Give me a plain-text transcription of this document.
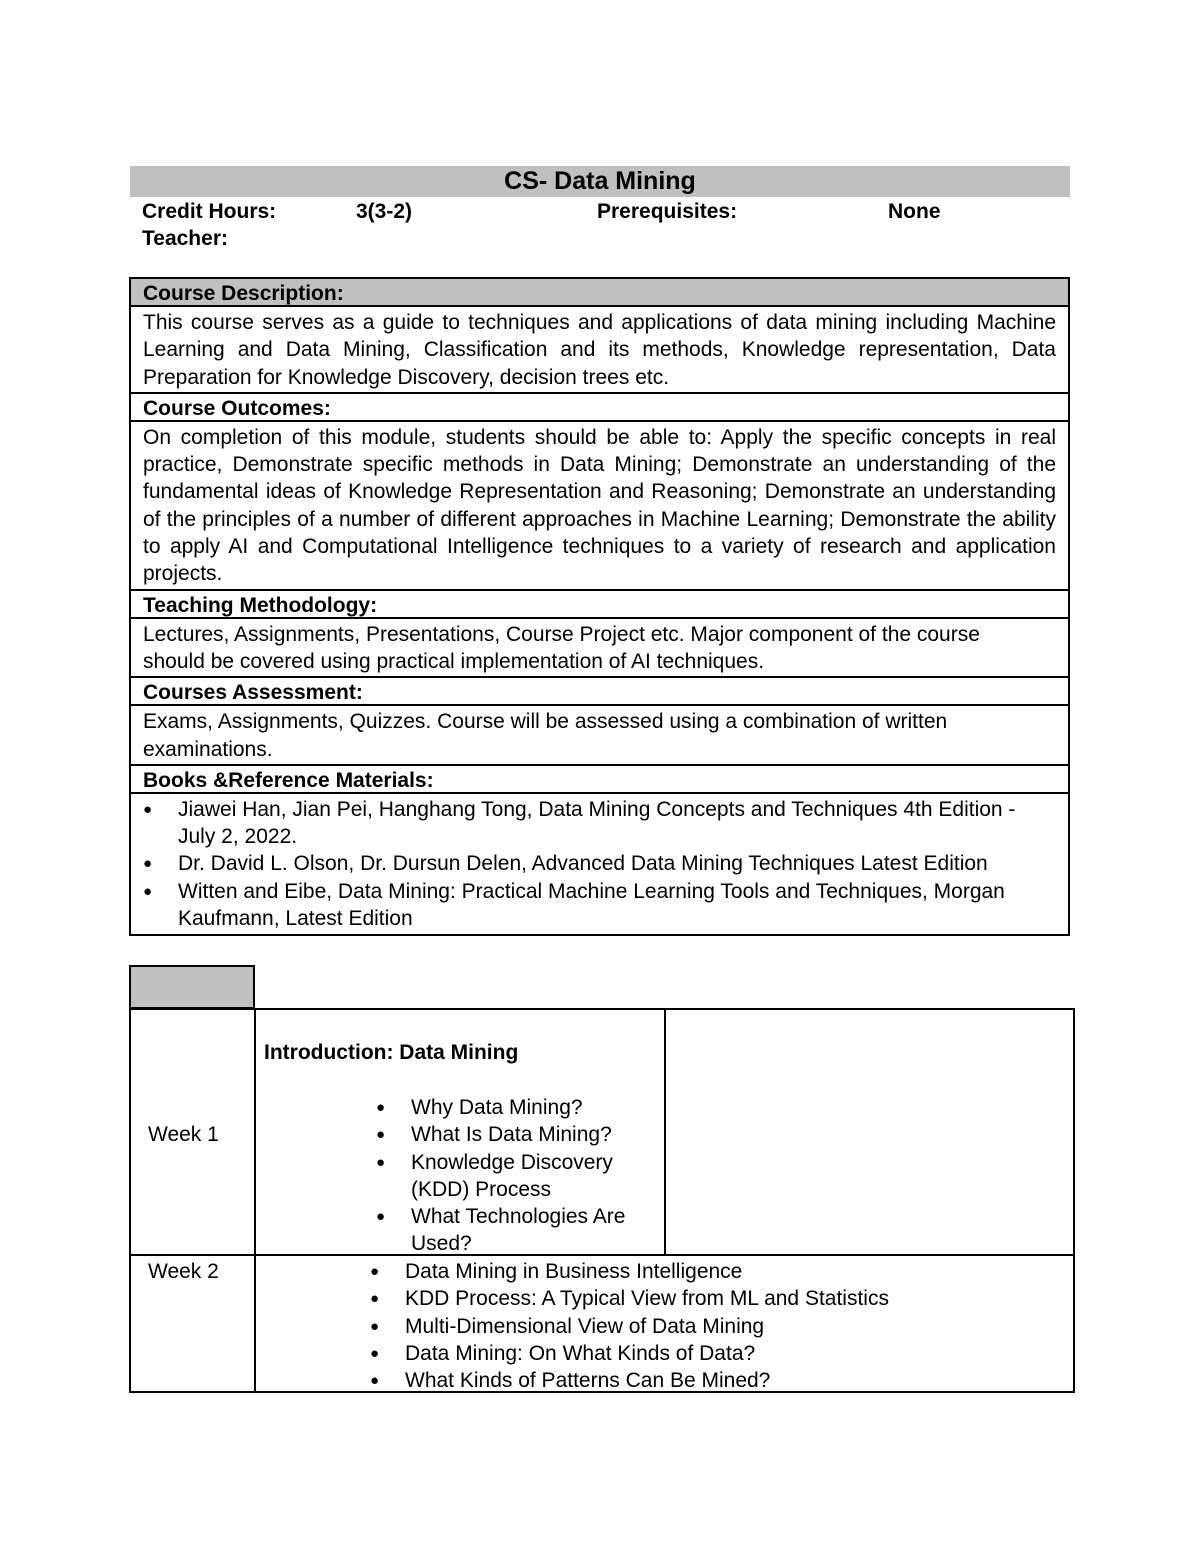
CS- Data Mining
Credit Hours:	3(3-2)	Prerequisites:	None
Teacher:
Course Description:
This course serves as a guide to techniques and applications of data mining including Machine Learning and Data Mining, Classification and its methods, Knowledge representation, Data Preparation for Knowledge Discovery, decision trees etc.
Course Outcomes:
On completion of this module, students should be able to: Apply the specific concepts in real practice, Demonstrate specific methods in Data Mining; Demonstrate an understanding of the fundamental ideas of Knowledge Representation and Reasoning; Demonstrate an understanding of the principles of a number of different approaches in Machine Learning; Demonstrate the ability to apply AI and Computational Intelligence techniques to a variety of research and application projects.
Teaching Methodology:
Lectures, Assignments, Presentations, Course Project etc. Major component of the course should be covered using practical implementation of AI techniques.
Courses Assessment:
Exams, Assignments, Quizzes. Course will be assessed using a combination of written examinations.
Books &Reference Materials:
● Jiawei Han, Jian Pei, Hanghang Tong, Data Mining Concepts and Techniques 4th Edition - July 2, 2022.
● Dr. David L. Olson, Dr. Dursun Delen, Advanced Data Mining Techniques Latest Edition
● Witten and Eibe, Data Mining: Practical Machine Learning Tools and Techniques, Morgan Kaufmann, Latest Edition
Week 1
Introduction: Data Mining
● Why Data Mining?
● What Is Data Mining?
● Knowledge Discovery (KDD) Process
● What Technologies Are Used?
Week 2
●	Data Mining in Business Intelligence
● KDD Process: A Typical View from ML and Statistics
● Multi-Dimensional View of Data Mining
● Data Mining: On What Kinds of Data?
● What Kinds of Patterns Can Be Mined?
